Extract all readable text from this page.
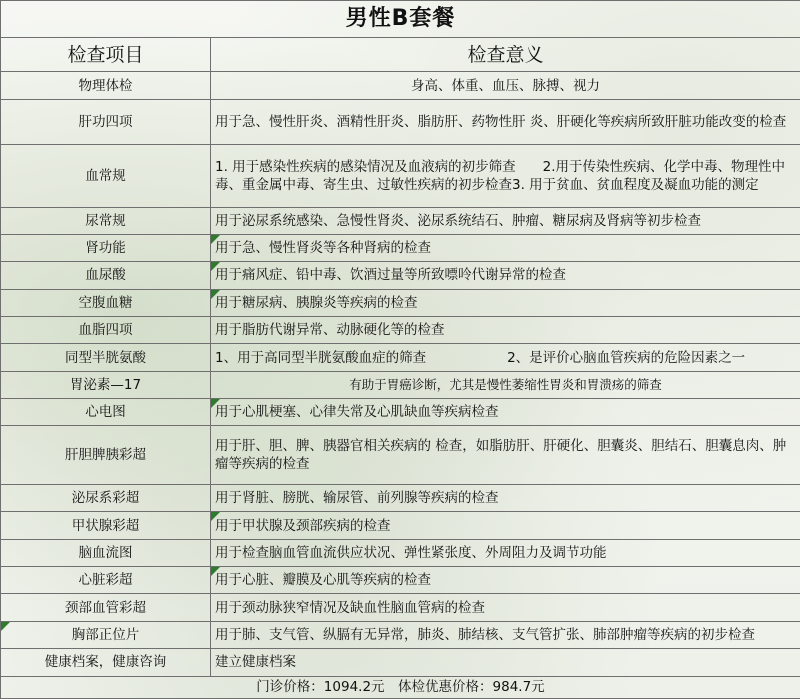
男性B套餐	
检查项目	检查意义
物理体检	身高、体重、血压、脉搏、视力
肝功四项	用于急、慢性肝炎、酒精性肝炎、脂肪肝、药物性肝 炎、肝硬化等疾病所致肝脏功能改变的检查
血常规	1. 用于感染性疾病的感染情况及血液病的初步筛查　　2.用于传染性疾病、化学中毒、物理性中毒、重金属中毒、寄生虫、过敏性疾病的初步检查3. 用于贫血、贫血程度及凝血功能的测定
尿常规	用于泌尿系统感染、急慢性肾炎、泌尿系统结石、肿瘤、糖尿病及肾病等初步检查
肾功能	用于急、慢性肾炎等各种肾病的检查
血尿酸	用于痛风症、铅中毒、饮酒过量等所致嘌呤代谢异常的检查
空腹血糖	用于糖尿病、胰腺炎等疾病的检查
血脂四项	用于脂肪代谢异常、动脉硬化等的检查
同型半胱氨酸	1、用于高同型半胱氨酸血症的筛查　　　　　　2、是评价心脑血管疾病的危险因素之一
胃泌素—17	有助于胃癌诊断，尤其是慢性萎缩性胃炎和胃溃疡的筛查
心电图	用于心肌梗塞、心律失常及心肌缺血等疾病检查
肝胆脾胰彩超	用于肝、胆、脾、胰器官相关疾病的 检查，如脂肪肝、肝硬化、胆囊炎、胆结石、胆囊息肉、肿瘤等疾病的检查
泌尿系彩超	用于肾脏、膀胱、输尿管、前列腺等疾病的检查
甲状腺彩超	用于甲状腺及颈部疾病的检查
脑血流图	用于检查脑血管血流供应状况、弹性紧张度、外周阻力及调节功能
心脏彩超	用于心脏、瓣膜及心肌等疾病的检查
颈部血管彩超	用于颈动脉狭窄情况及缺血性脑血管病的检查
胸部正位片	用于肺、支气管、纵膈有无异常，肺炎、肺结核、支气管扩张、肺部肿瘤等疾病的初步检查
健康档案，健康咨询	建立健康档案
门诊价格：1094.2元　体检优惠价格：984.7元	
